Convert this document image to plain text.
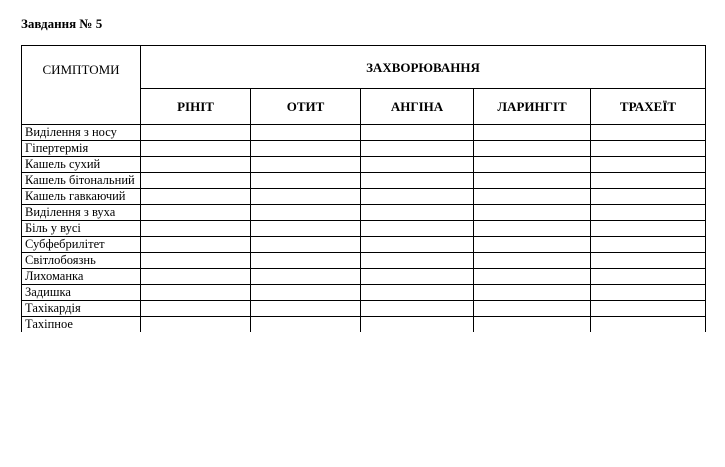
Завдання № 5
СИМПТОМИ	ЗАХВОРЮВАННЯ				
	РІНІТ	ОТИТ	АНГІНА	ЛАРИНГІТ	ТРАХЕЇТ
Виділення з носу					
Гіпертермія					
Кашель сухий					
Кашель бітональний					
Кашель гавкаючий					
Виділення з вуха					
Біль у вусі					
Субфебрилітет					
Світлобоязнь					
Лихоманка					
Задишка					
Тахікардія					
Тахіпное					
